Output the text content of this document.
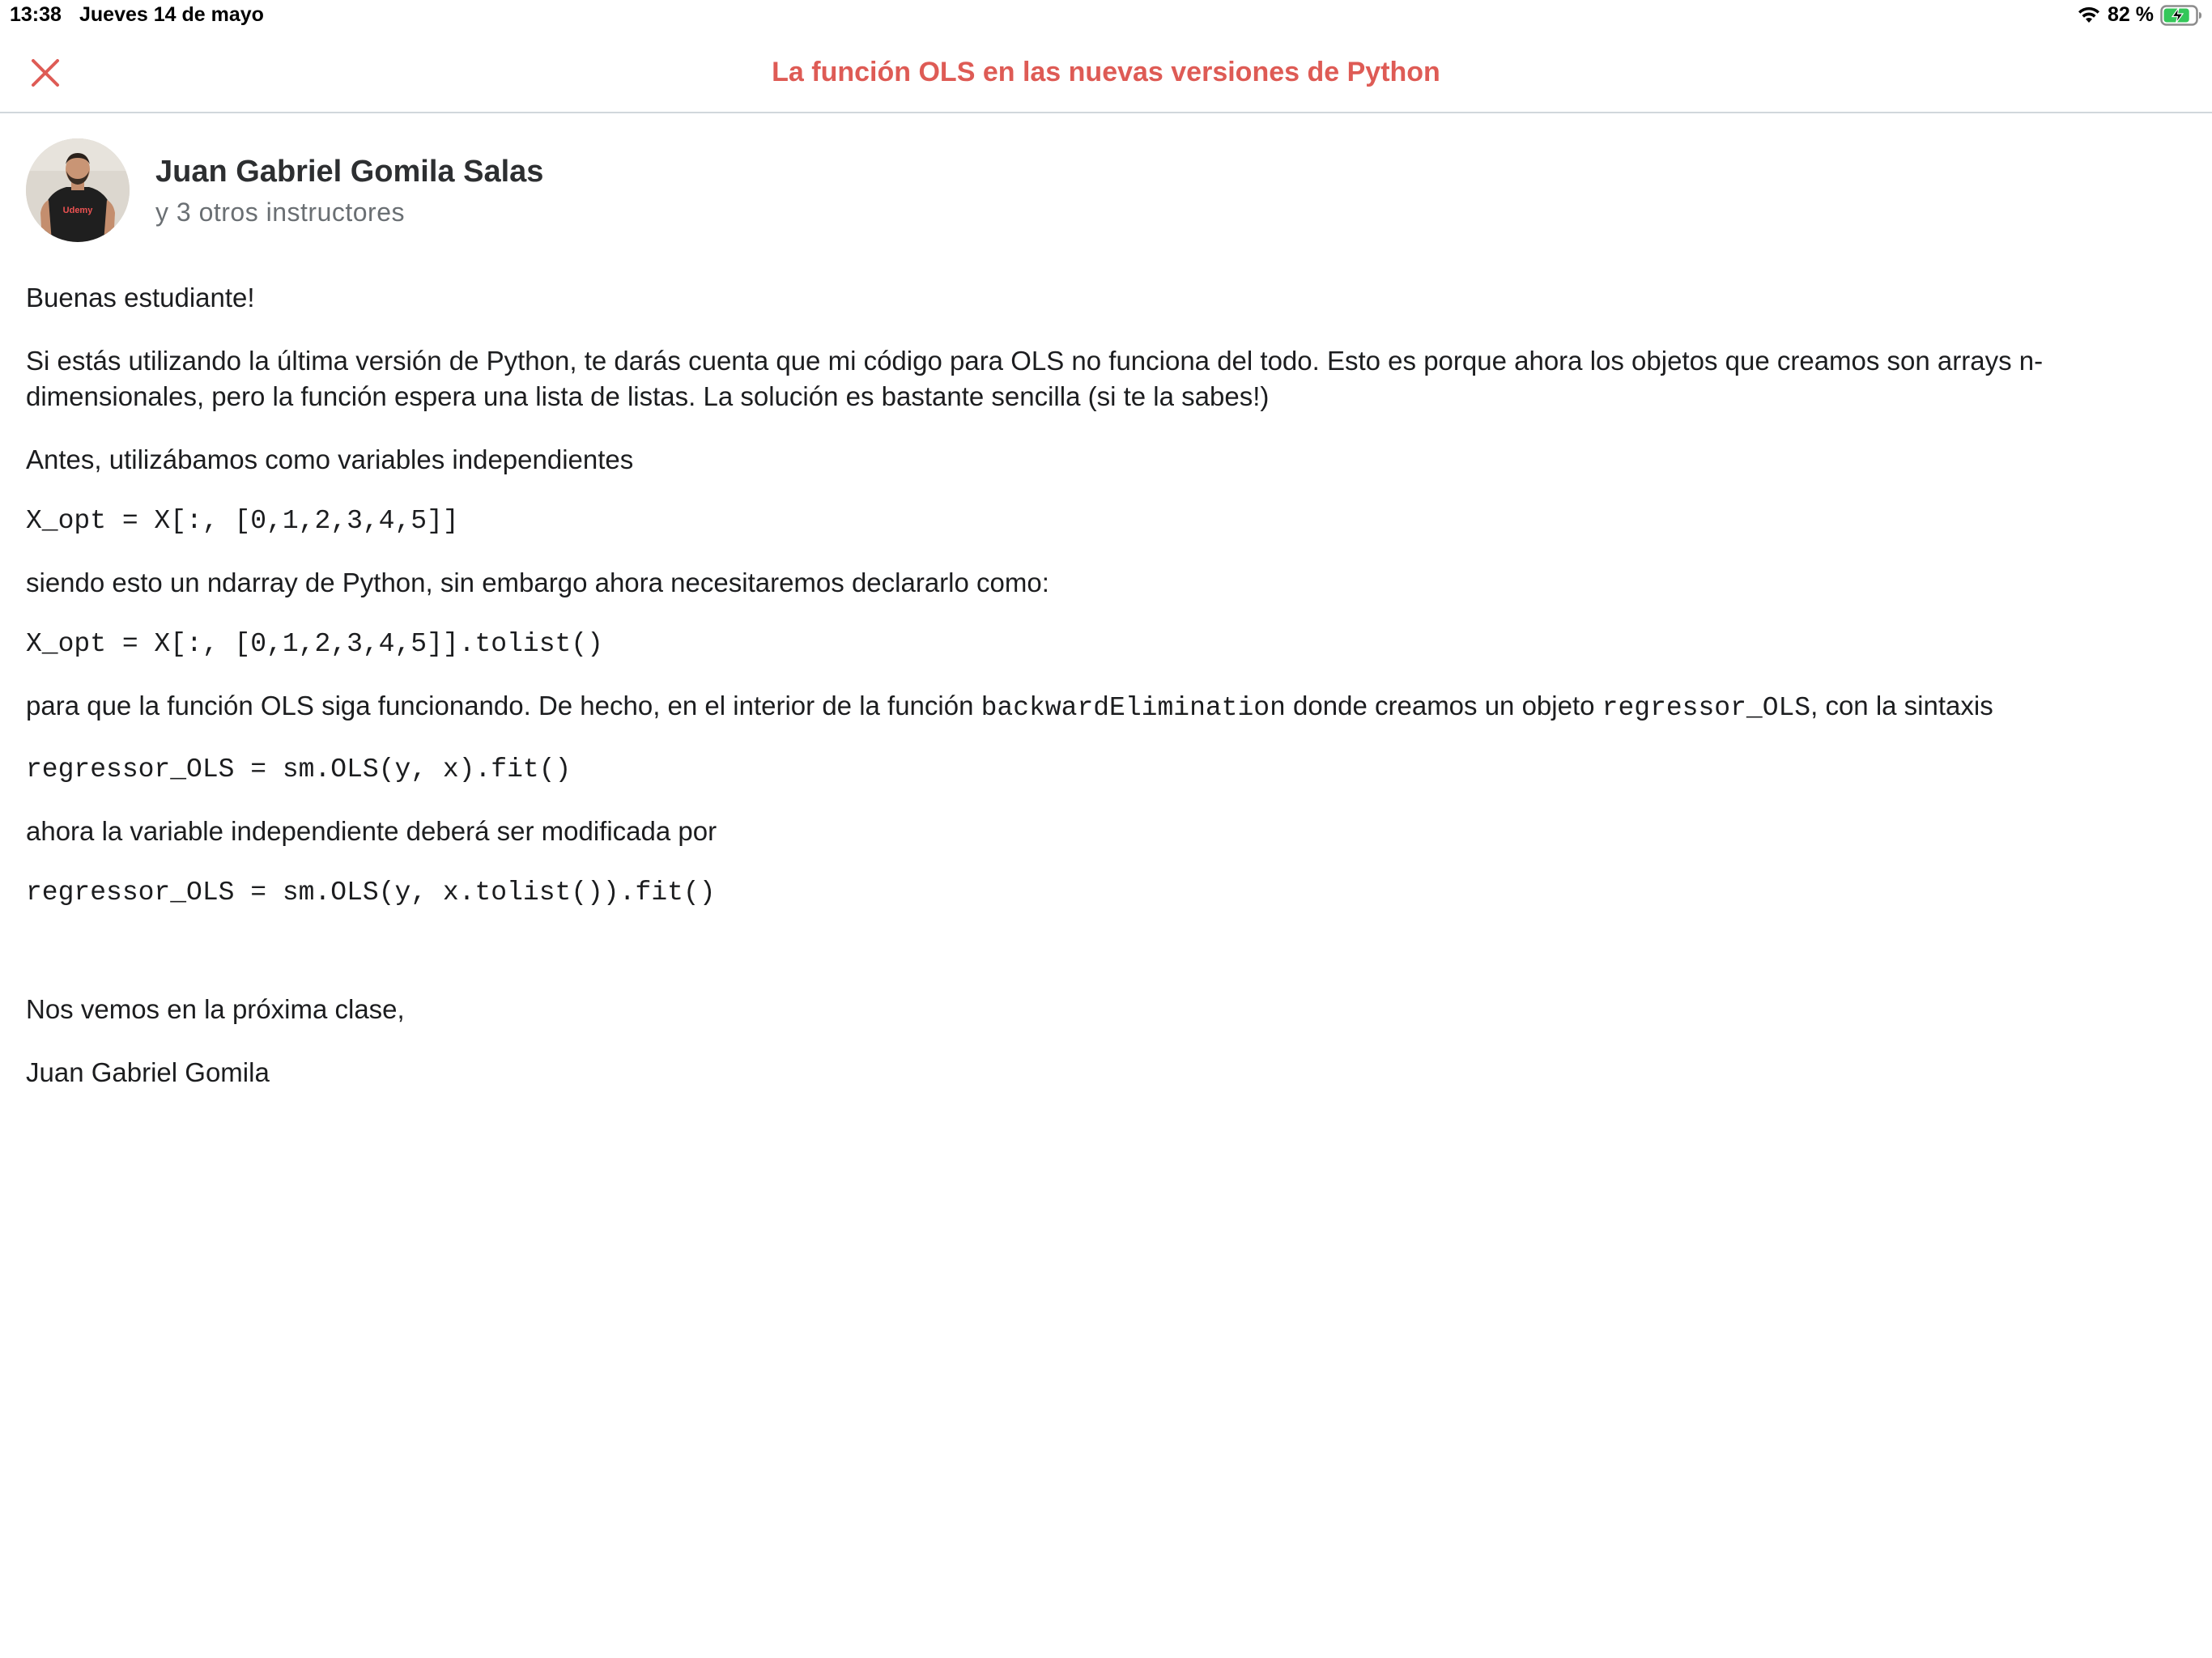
13:38 Jueves 14 de mayo	82 %
La función OLS en las nuevas versiones de Python
Udemy
Juan Gabriel Gomila Salas
y 3 otros instructores

Buenas estudiante!

Si estás utilizando la última versión de Python, te darás cuenta que mi código para OLS no funciona del todo. Esto es porque ahora los objetos que creamos son arrays n-dimensionales, pero la función espera una lista de listas. La solución es bastante sencilla (si te la sabes!)

Antes, utilizábamos como variables independientes

X_opt = X[:, [0,1,2,3,4,5]]

siendo esto un ndarray de Python, sin embargo ahora necesitaremos declararlo como:

X_opt = X[:, [0,1,2,3,4,5]].tolist()

para que la función OLS siga funcionando. De hecho, en el interior de la función backwardElimination donde creamos un objeto regressor_OLS, con la sintaxis

regressor_OLS = sm.OLS(y, x).fit()

ahora la variable independiente deberá ser modificada por

regressor_OLS = sm.OLS(y, x.tolist()).fit()

Nos vemos en la próxima clase,

Juan Gabriel Gomila
